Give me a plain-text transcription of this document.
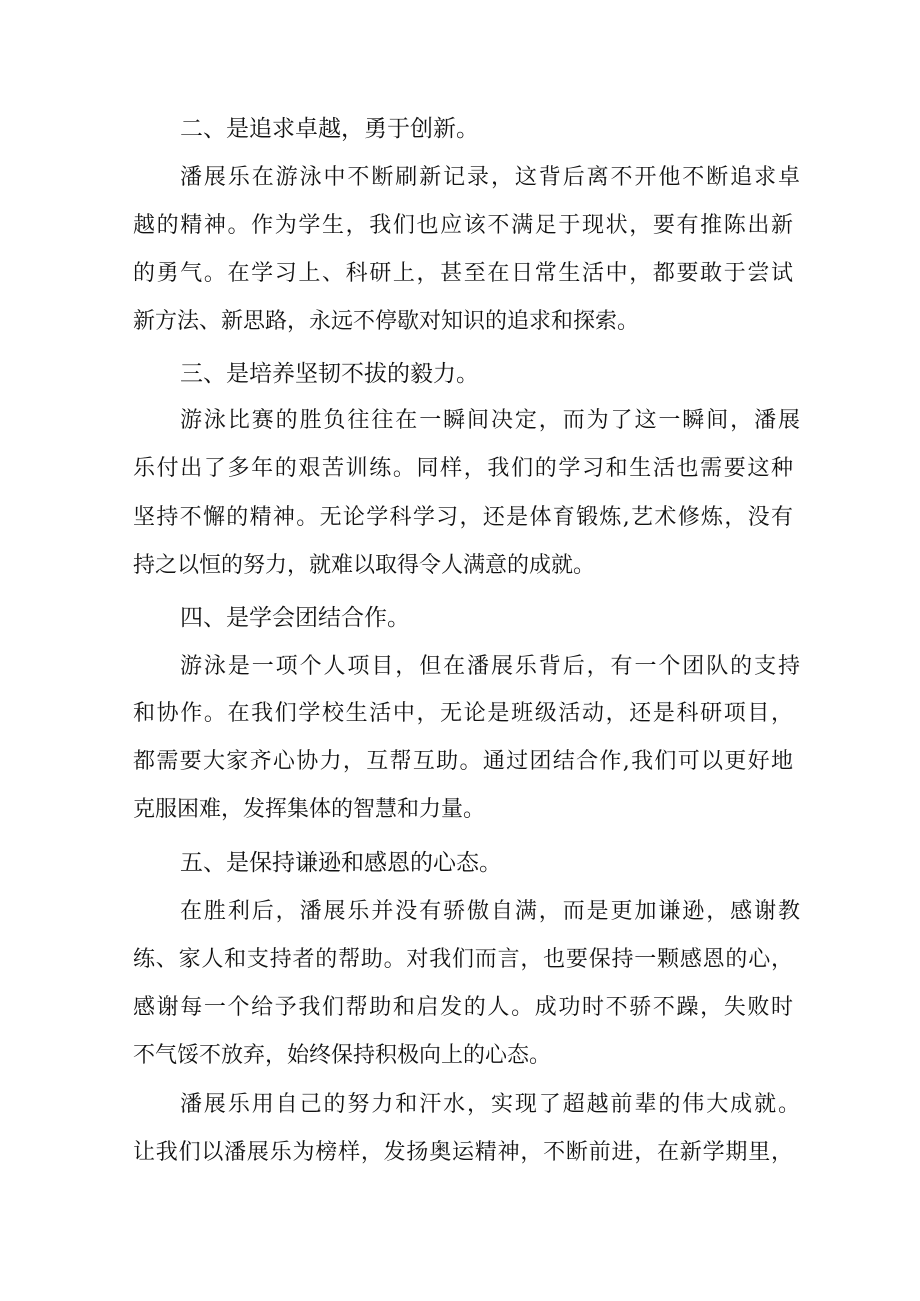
二、是追求卓越，勇于创新。
潘展乐在游泳中不断刷新记录，这背后离不开他不断追求卓
越的精神。作为学生，我们也应该不满足于现状，要有推陈出新
的勇气。在学习上、科研上，甚至在日常生活中，都要敢于尝试
新方法、新思路，永远不停歇对知识的追求和探索。
三、是培养坚韧不拔的毅力。
游泳比赛的胜负往往在一瞬间决定，而为了这一瞬间，潘展
乐付出了多年的艰苦训练。同样，我们的学习和生活也需要这种
坚持不懈的精神。无论学科学习，还是体育锻炼,艺术修炼，没有
持之以恒的努力，就难以取得令人满意的成就。
四、是学会团结合作。
游泳是一项个人项目，但在潘展乐背后，有一个团队的支持
和协作。在我们学校生活中，无论是班级活动，还是科研项目，
都需要大家齐心协力，互帮互助。通过团结合作,我们可以更好地
克服困难，发挥集体的智慧和力量。
五、是保持谦逊和感恩的心态。
在胜利后，潘展乐并没有骄傲自满，而是更加谦逊，感谢教
练、家人和支持者的帮助。对我们而言，也要保持一颗感恩的心，
感谢每一个给予我们帮助和启发的人。成功时不骄不躁，失败时
不气馁不放弃，始终保持积极向上的心态。
潘展乐用自己的努力和汗水，实现了超越前辈的伟大成就。
让我们以潘展乐为榜样，发扬奥运精神，不断前进，在新学期里，
